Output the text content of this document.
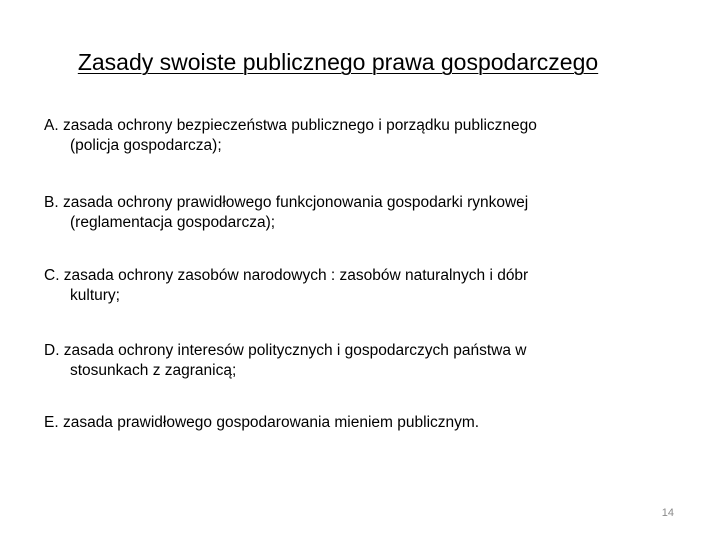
Zasady swoiste publicznego prawa gospodarczego

A. zasada ochrony bezpieczeństwa publicznego i porządku publicznego
(policja gospodarcza);

B. zasada ochrony prawidłowego funkcjonowania gospodarki rynkowej
(reglamentacja gospodarcza);

C. zasada ochrony zasobów narodowych : zasobów naturalnych i dóbr
kultury;

D. zasada ochrony interesów politycznych i gospodarczych państwa w
stosunkach z zagranicą;

E. zasada prawidłowego gospodarowania mieniem publicznym.

14
